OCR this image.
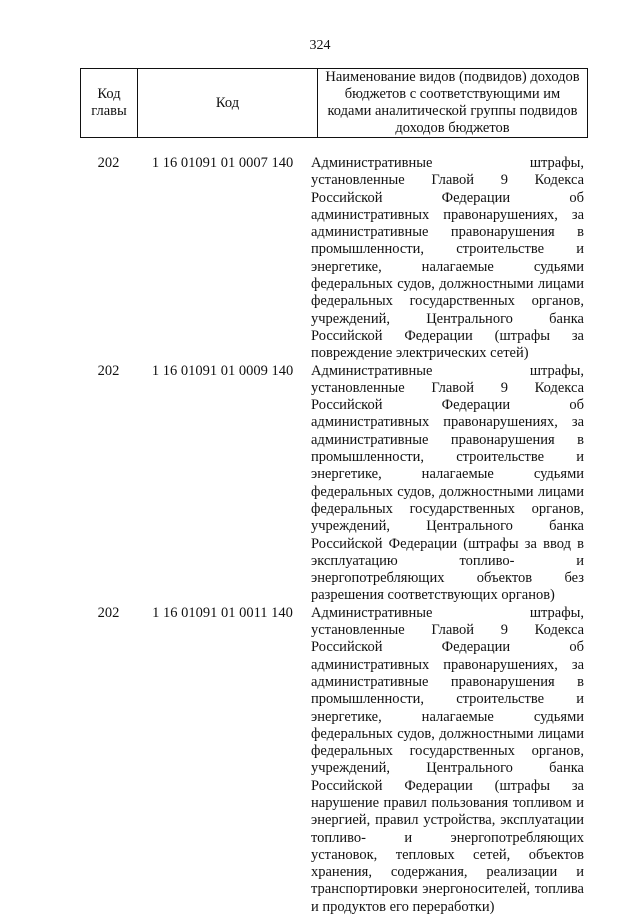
324
Код главы	Код	Наименование видов (подвидов) доходов бюджетов с соответствующими им кодами аналитической группы подвидов доходов бюджетов
202	1 16 01091 01 0007 140	Административные штрафы, установленные Главой 9 Кодекса Российской Федерации об административных правонарушениях, за административные правонарушения в промышленности, строительстве и энергетике, налагаемые судьями федеральных судов, должностными лицами федеральных государственных органов, учреждений, Центрального банка Российской Федерации (штрафы за повреждение электрических сетей)
202	1 16 01091 01 0009 140	Административные штрафы, установленные Главой 9 Кодекса Российской Федерации об административных правонарушениях, за административные правонарушения в промышленности, строительстве и энергетике, налагаемые судьями федеральных судов, должностными лицами федеральных государственных органов, учреждений, Центрального банка Российской Федерации (штрафы за ввод в эксплуатацию топливо- и энергопотребляющих объектов без разрешения соответствующих органов)
202	1 16 01091 01 0011 140	Административные штрафы, установленные Главой 9 Кодекса Российской Федерации об административных правонарушениях, за административные правонарушения в промышленности, строительстве и энергетике, налагаемые судьями федеральных судов, должностными лицами федеральных государственных органов, учреждений, Центрального банка Российской Федерации (штрафы за нарушение правил пользования топливом и энергией, правил устройства, эксплуатации топливо- и энергопотребляющих установок, тепловых сетей, объектов хранения, содержания, реализации и транспортировки энергоносителей, топлива и продуктов его переработки)
